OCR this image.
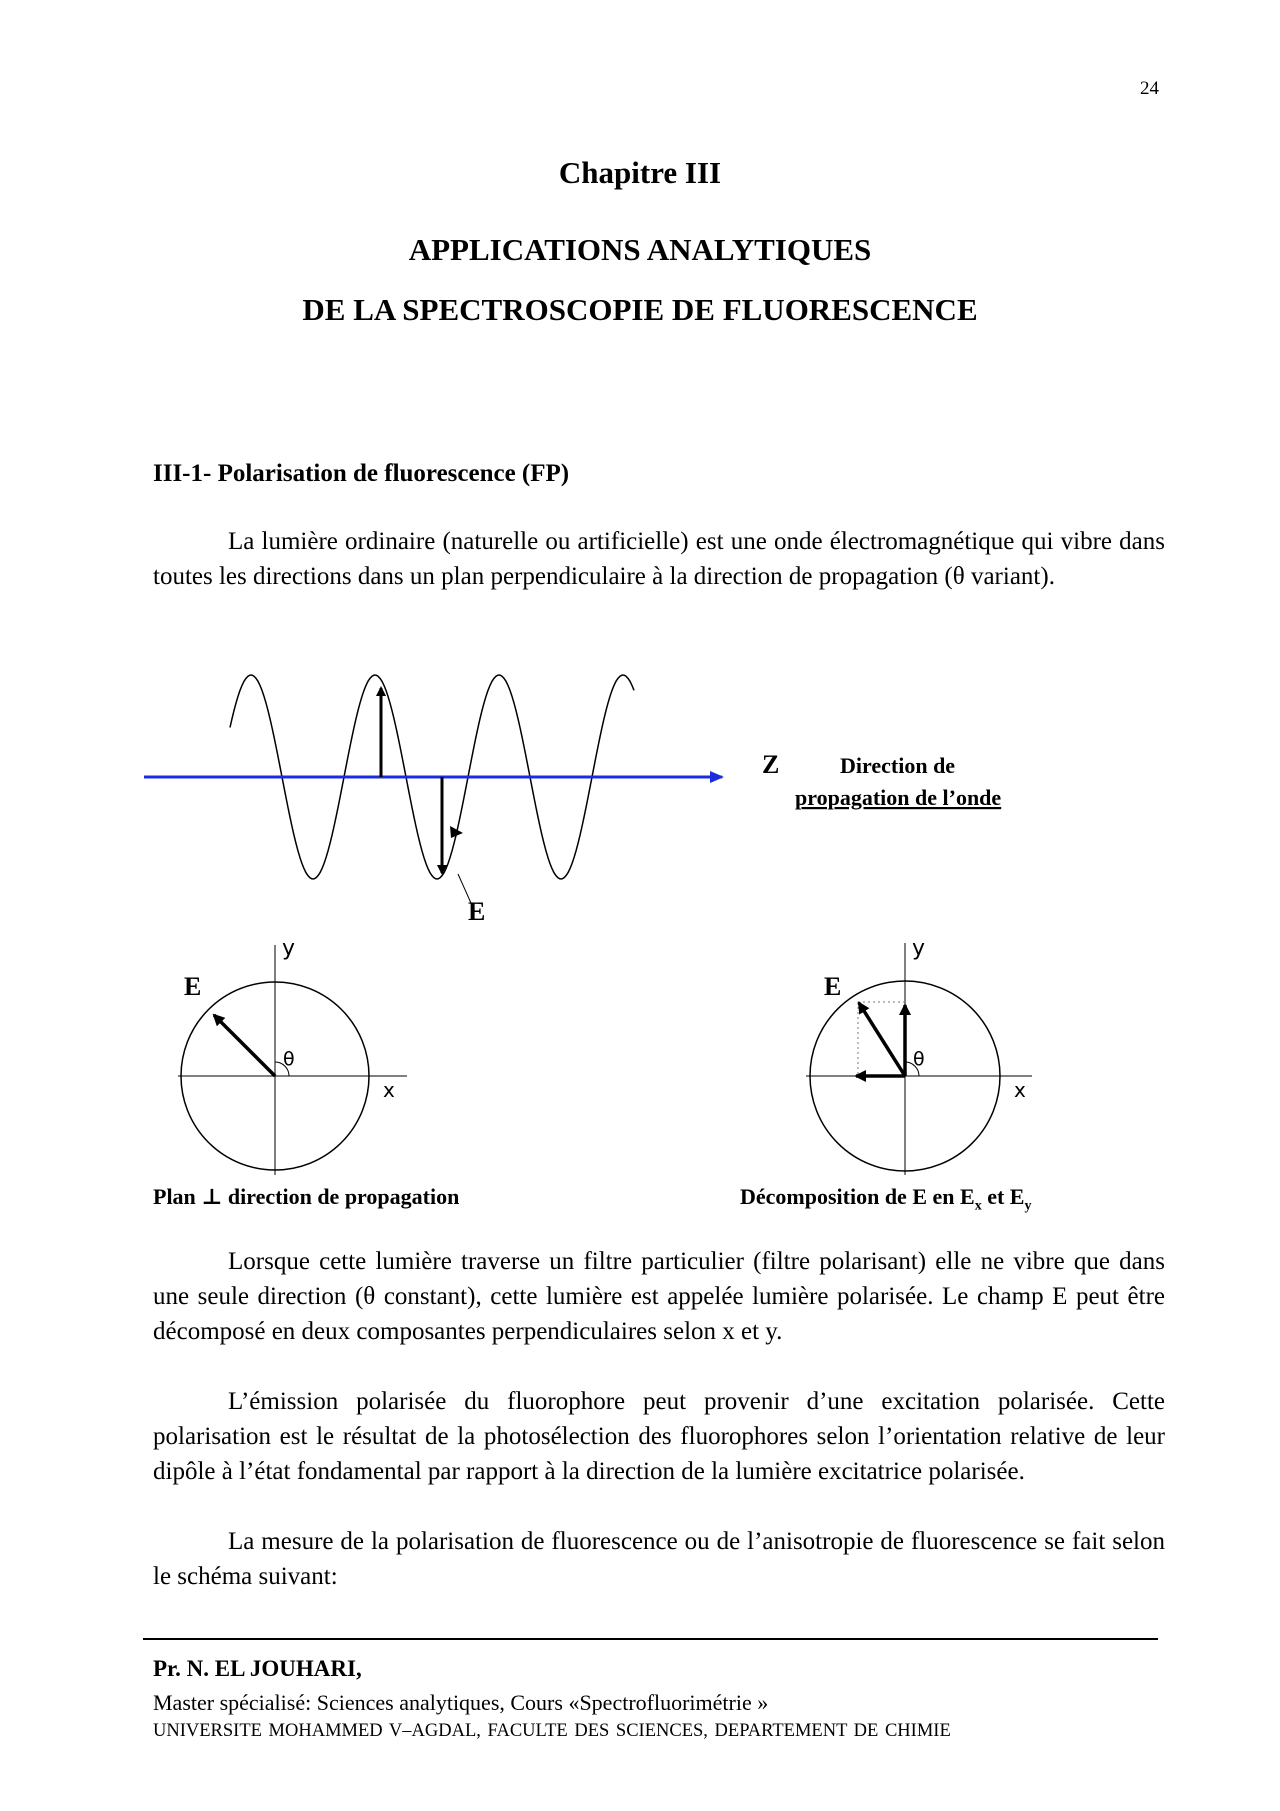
24
Chapitre III
APPLICATIONS ANALYTIQUES
DE LA SPECTROSCOPIE DE FLUORESCENCE
III-1- Polarisation de fluorescence (FP)

La lumière ordinaire (naturelle ou artificielle) est une onde électromagnétique qui vibre dans toutes les directions dans un plan perpendiculaire à la direction de propagation (θ variant).

Z	Direction de
propagation de l’onde
E
E
y
x
θ
E
y
x
θ
Plan ⊥ direction de propagation	Décomposition de E en $E_x$ et $E_y$

Lorsque cette lumière traverse un filtre particulier (filtre polarisant) elle ne vibre que dans une seule direction (θ constant), cette lumière est appelée lumière polarisée. Le champ E peut être décomposé en deux composantes perpendiculaires selon x et y.

L’émission polarisée du fluorophore peut provenir d’une excitation polarisée. Cette polarisation est le résultat de la photosélection des fluorophores selon l’orientation relative de leur dipôle à l’état fondamental par rapport à la direction de la lumière excitatrice polarisée.

La mesure de la polarisation de fluorescence ou de l’anisotropie de fluorescence se fait selon le schéma suivant:

Pr. N. EL JOUHARI,
Master spécialisé: Sciences analytiques, Cours «Spectrofluorimétrie »
UNIVERSITE MOHAMMED V–AGDAL, FACULTE DES SCIENCES, DEPARTEMENT DE CHIMIE
